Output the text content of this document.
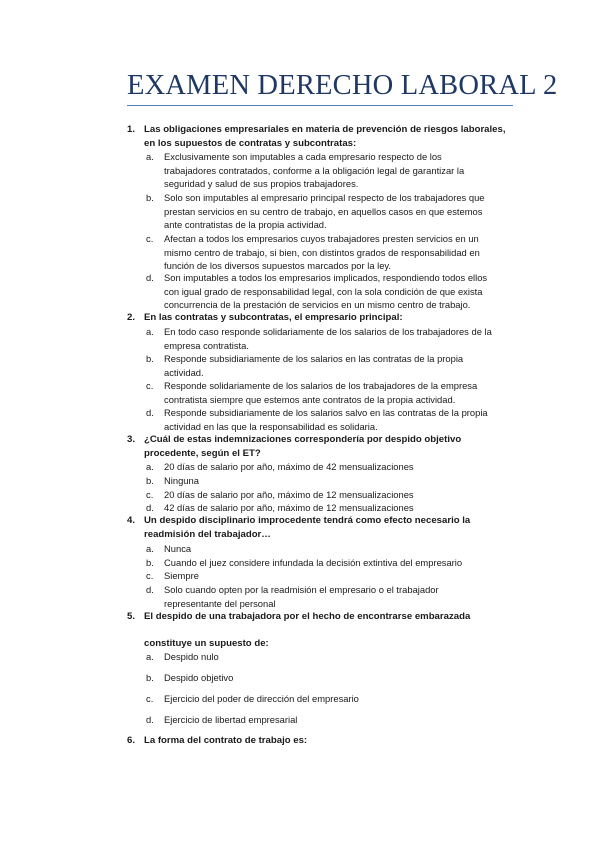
EXAMEN DERECHO LABORAL 2
1. Las obligaciones empresariales en materia de prevención de riesgos laborales,
en los supuestos de contratas y subcontratas:
a. Exclusivamente son imputables a cada empresario respecto de los
trabajadores contratados, conforme a la obligación legal de garantizar la
seguridad y salud de sus propios trabajadores.
b. Solo son imputables al empresario principal respecto de los trabajadores que
prestan servicios en su centro de trabajo, en aquellos casos en que estemos
ante contratistas de la propia actividad.
c. Afectan a todos los empresarios cuyos trabajadores presten servicios en un
mismo centro de trabajo, si bien, con distintos grados de responsabilidad en
función de los diversos supuestos marcados por la ley.
d. Son imputables a todos los empresarios implicados, respondiendo todos ellos
con igual grado de responsabilidad legal, con la sola condición de que exista
concurrencia de la prestación de servicios en un mismo centro de trabajo.
2. En las contratas y subcontratas, el empresario principal:
a. En todo caso responde solidariamente de los salarios de los trabajadores de la
empresa contratista.
b. Responde subsidiariamente de los salarios en las contratas de la propia
actividad.
c. Responde solidariamente de los salarios de los trabajadores de la empresa
contratista siempre que estemos ante contratos de la propia actividad.
d. Responde subsidiariamente de los salarios salvo en las contratas de la propia
actividad en las que la responsabilidad es solidaria.
3. ¿Cuál de estas indemnizaciones correspondería por despido objetivo
procedente, según el ET?
a. 20 días de salario por año, máximo de 42 mensualizaciones
b. Ninguna
c. 20 días de salario por año, máximo de 12 mensualizaciones
d. 42 días de salario por año, máximo de 12 mensualizaciones
4. Un despido disciplinario improcedente tendrá como efecto necesario la
readmisión del trabajador…
a. Nunca
b. Cuando el juez considere infundada la decisión extintiva del empresario
c. Siempre
d. Solo cuando opten por la readmisión el empresario o el trabajador
representante del personal
5. El despido de una trabajadora por el hecho de encontrarse embarazada
constituye un supuesto de:
a. Despido nulo
b. Despido objetivo
c. Ejercicio del poder de dirección del empresario
d. Ejercicio de libertad empresarial
6. La forma del contrato de trabajo es:
